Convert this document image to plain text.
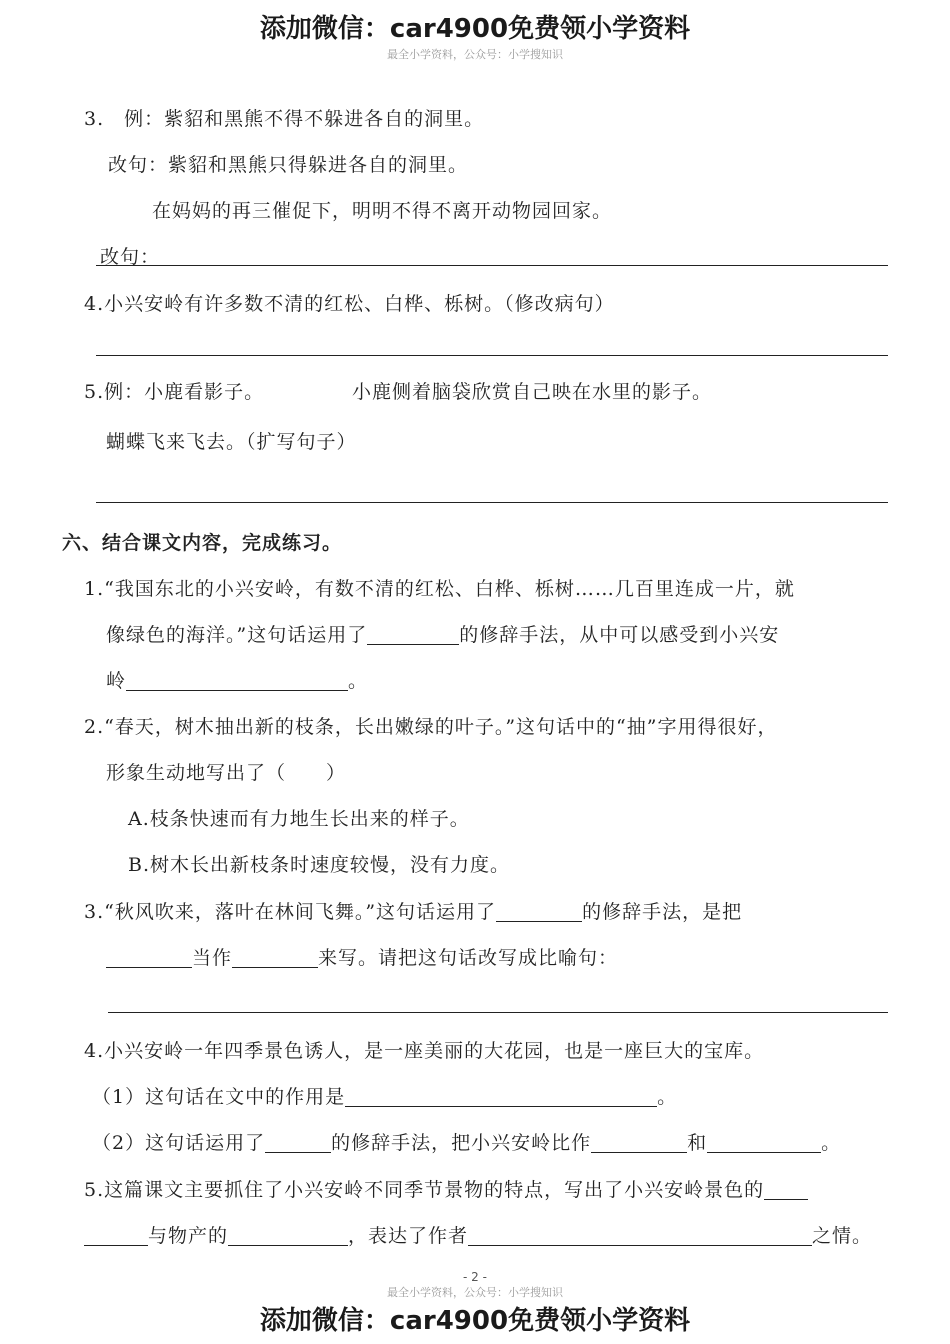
添加微信：car4900免费领小学资料
最全小学资料，公众号：小学搜知识
3.　例：紫貂和黑熊不得不躲进各自的洞里。
改句：紫貂和黑熊只得躲进各自的洞里。
在妈妈的再三催促下，明明不得不离开动物园回家。
改句：
4.小兴安岭有许多数不清的红松、白桦、栎树。（修改病句）
5.例：小鹿看影子。	小鹿侧着脑袋欣赏自己映在水里的影子。
蝴蝶飞来飞去。（扩写句子）
六、结合课文内容，完成练习。
1.“我国东北的小兴安岭，有数不清的红松、白桦、栎树……几百里连成一片，就
像绿色的海洋。”这句话运用了	的修辞手法，从中可以感受到小兴安
岭	。
2.“春天，树木抽出新的枝条，长出嫩绿的叶子。”这句话中的“抽”字用得很好，
形象生动地写出了（　　）
A.枝条快速而有力地生长出来的样子。
B.树木长出新枝条时速度较慢，没有力度。
3.“秋风吹来，落叶在林间飞舞。”这句话运用了	的修辞手法，是把
当作	来写。请把这句话改写成比喻句：
4.小兴安岭一年四季景色诱人，是一座美丽的大花园，也是一座巨大的宝库。
（1）这句话在文中的作用是	。
（2）这句话运用了	的修辞手法，把小兴安岭比作	和	。
5.这篇课文主要抓住了小兴安岭不同季节景物的特点，写出了小兴安岭景色的
与物产的	，表达了作者	之情。
- 2 -
最全小学资料，公众号：小学搜知识
添加微信：car4900免费领小学资料
